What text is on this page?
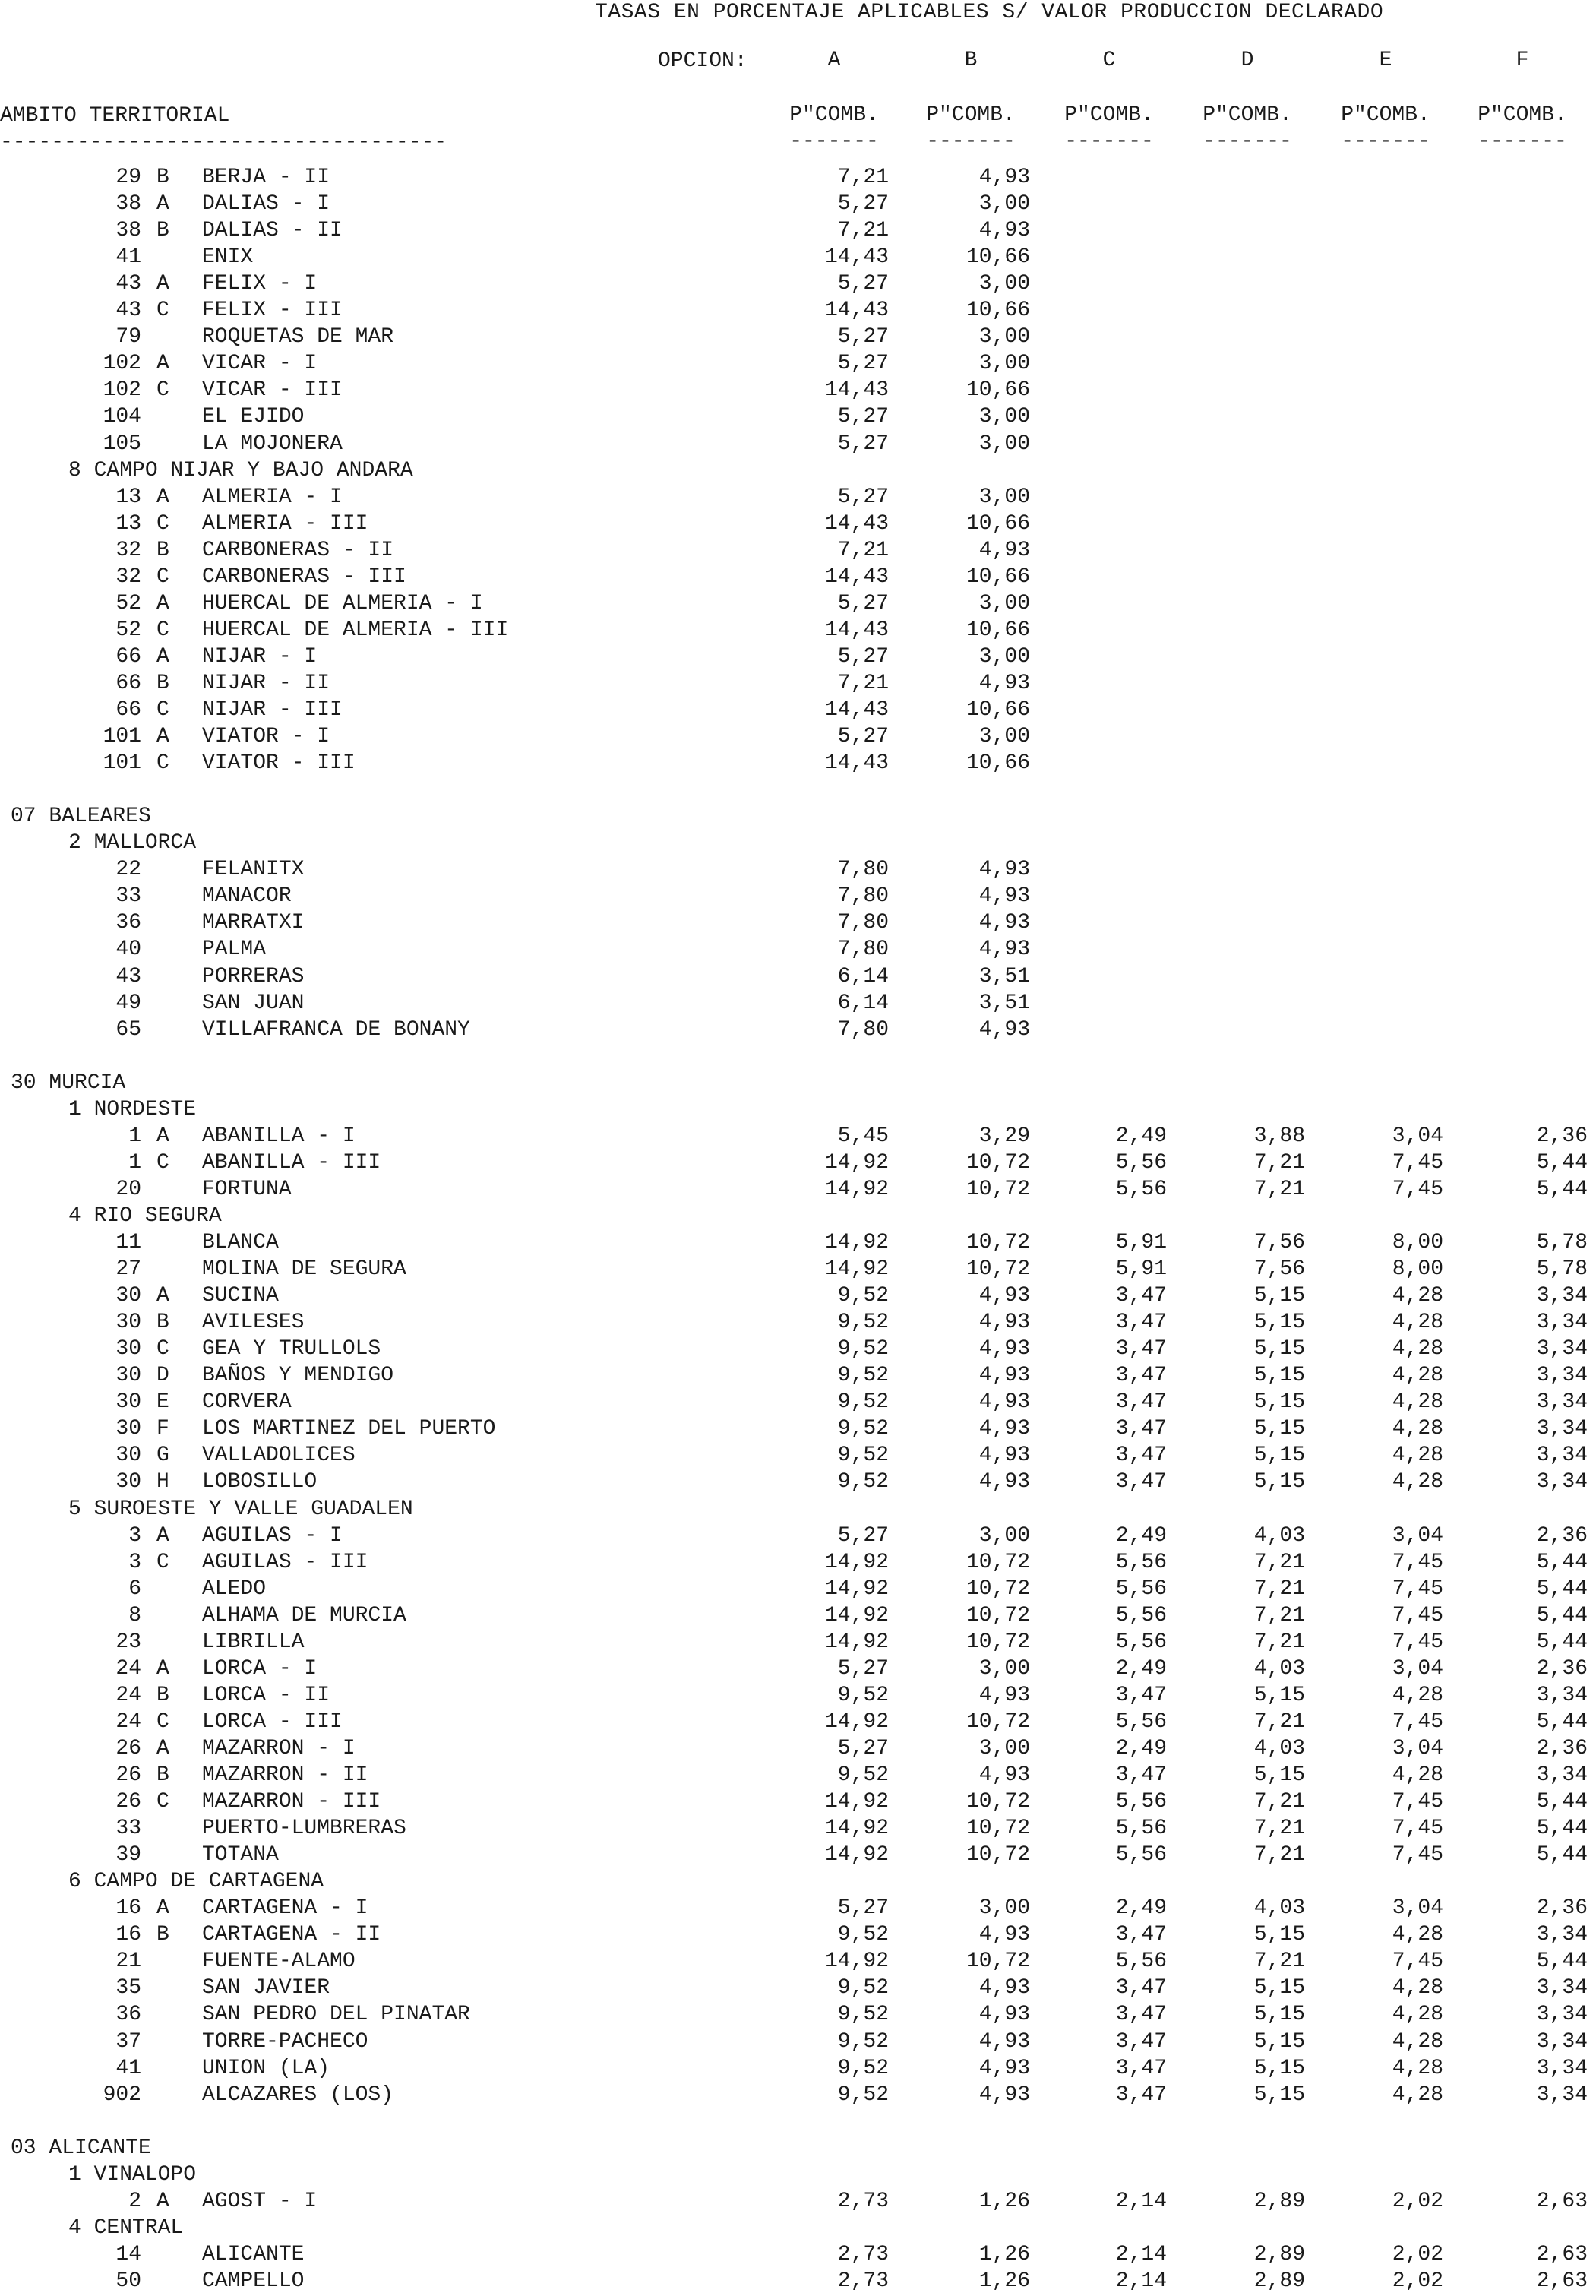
TASAS EN PORCENTAJE APLICABLES S/ VALOR PRODUCCION DECLARADO
OPCION:	A	B	C	D	E	F
AMBITO TERRITORIAL
-----------------------------------
P"COMB.	P"COMB.	P"COMB.	P"COMB.	P"COMB.	P"COMB.
-------	-------	-------	-------	-------	-------
29 B	BERJA - II	7,21	4,93
38 A	DALIAS - I	5,27	3,00
38 B	DALIAS - II	7,21	4,93
41	ENIX	14,43	10,66
43 A	FELIX - I	5,27	3,00
43 C	FELIX - III	14,43	10,66
79	ROQUETAS DE MAR	5,27	3,00
102 A	VICAR - I	5,27	3,00
102 C	VICAR - III	14,43	10,66
104	EL EJIDO	5,27	3,00
105	LA MOJONERA	5,27	3,00
8 CAMPO NIJAR Y BAJO ANDARA
13 A	ALMERIA - I	5,27	3,00
13 C	ALMERIA - III	14,43	10,66
32 B	CARBONERAS - II	7,21	4,93
32 C	CARBONERAS - III	14,43	10,66
52 A	HUERCAL DE ALMERIA - I	5,27	3,00
52 C	HUERCAL DE ALMERIA - III	14,43	10,66
66 A	NIJAR - I	5,27	3,00
66 B	NIJAR - II	7,21	4,93
66 C	NIJAR - III	14,43	10,66
101 A	VIATOR - I	5,27	3,00
101 C	VIATOR - III	14,43	10,66
07 BALEARES
2 MALLORCA
22	FELANITX	7,80	4,93
33	MANACOR	7,80	4,93
36	MARRATXI	7,80	4,93
40	PALMA	7,80	4,93
43	PORRERAS	6,14	3,51
49	SAN JUAN	6,14	3,51
65	VILLAFRANCA DE BONANY	7,80	4,93
30 MURCIA
1 NORDESTE
1 A	ABANILLA - I	5,45	3,29	2,49	3,88	3,04	2,36
1 C	ABANILLA - III	14,92	10,72	5,56	7,21	7,45	5,44
20	FORTUNA	14,92	10,72	5,56	7,21	7,45	5,44
4 RIO SEGURA
11	BLANCA	14,92	10,72	5,91	7,56	8,00	5,78
27	MOLINA DE SEGURA	14,92	10,72	5,91	7,56	8,00	5,78
30 A	SUCINA	9,52	4,93	3,47	5,15	4,28	3,34
30 B	AVILESES	9,52	4,93	3,47	5,15	4,28	3,34
30 C	GEA Y TRULLOLS	9,52	4,93	3,47	5,15	4,28	3,34
30 D	BAÑOS Y MENDIGO	9,52	4,93	3,47	5,15	4,28	3,34
30 E	CORVERA	9,52	4,93	3,47	5,15	4,28	3,34
30 F	LOS MARTINEZ DEL PUERTO	9,52	4,93	3,47	5,15	4,28	3,34
30 G	VALLADOLICES	9,52	4,93	3,47	5,15	4,28	3,34
30 H	LOBOSILLO	9,52	4,93	3,47	5,15	4,28	3,34
5 SUROESTE Y VALLE GUADALEN
3 A	AGUILAS - I	5,27	3,00	2,49	4,03	3,04	2,36
3 C	AGUILAS - III	14,92	10,72	5,56	7,21	7,45	5,44
6	ALEDO	14,92	10,72	5,56	7,21	7,45	5,44
8	ALHAMA DE MURCIA	14,92	10,72	5,56	7,21	7,45	5,44
23	LIBRILLA	14,92	10,72	5,56	7,21	7,45	5,44
24 A	LORCA - I	5,27	3,00	2,49	4,03	3,04	2,36
24 B	LORCA - II	9,52	4,93	3,47	5,15	4,28	3,34
24 C	LORCA - III	14,92	10,72	5,56	7,21	7,45	5,44
26 A	MAZARRON - I	5,27	3,00	2,49	4,03	3,04	2,36
26 B	MAZARRON - II	9,52	4,93	3,47	5,15	4,28	3,34
26 C	MAZARRON - III	14,92	10,72	5,56	7,21	7,45	5,44
33	PUERTO-LUMBRERAS	14,92	10,72	5,56	7,21	7,45	5,44
39	TOTANA	14,92	10,72	5,56	7,21	7,45	5,44
6 CAMPO DE CARTAGENA
16 A	CARTAGENA - I	5,27	3,00	2,49	4,03	3,04	2,36
16 B	CARTAGENA - II	9,52	4,93	3,47	5,15	4,28	3,34
21	FUENTE-ALAMO	14,92	10,72	5,56	7,21	7,45	5,44
35	SAN JAVIER	9,52	4,93	3,47	5,15	4,28	3,34
36	SAN PEDRO DEL PINATAR	9,52	4,93	3,47	5,15	4,28	3,34
37	TORRE-PACHECO	9,52	4,93	3,47	5,15	4,28	3,34
41	UNION (LA)	9,52	4,93	3,47	5,15	4,28	3,34
902	ALCAZARES (LOS)	9,52	4,93	3,47	5,15	4,28	3,34
03 ALICANTE
1 VINALOPO
2 A	AGOST - I	2,73	1,26	2,14	2,89	2,02	2,63
4 CENTRAL
14	ALICANTE	2,73	1,26	2,14	2,89	2,02	2,63
50	CAMPELLO	2,73	1,26	2,14	2,89	2,02	2,63
